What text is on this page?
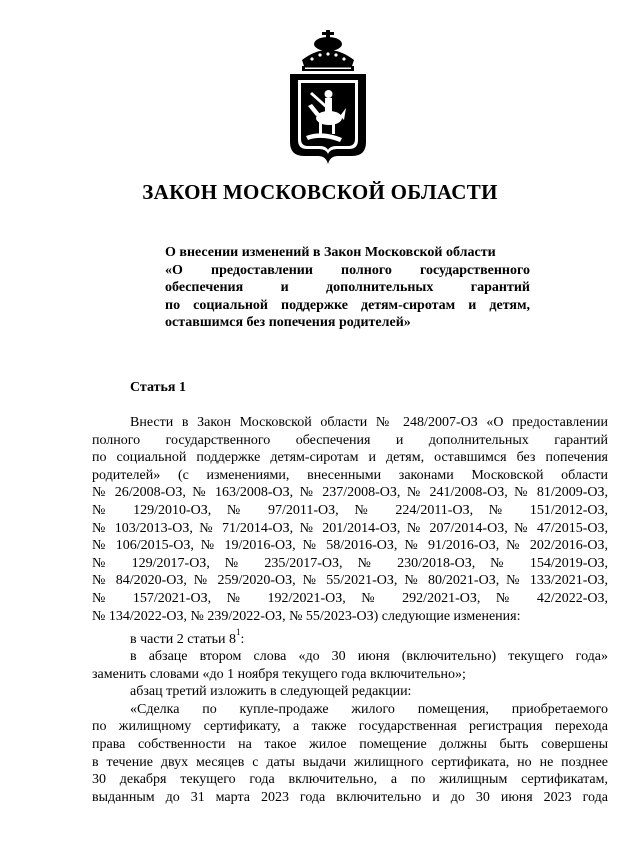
ЗАКОН МОСКОВСКОЙ ОБЛАСТИ
О внесении изменений в Закон Московской области
«О предоставлении полного государственного
обеспечения и дополнительных гарантий
по социальной поддержке детям-сиротам и детям,
оставшимся без попечения родителей»
Статья 1
Внести в Закон Московской области № 248/2007-ОЗ «О предоставлении
полного государственного обеспечения и дополнительных гарантий
по социальной поддержке детям-сиротам и детям, оставшимся без попечения
родителей» (с изменениями, внесенными законами Московской области
№ 26/2008-ОЗ, № 163/2008-ОЗ, № 237/2008-ОЗ, № 241/2008-ОЗ, № 81/2009-ОЗ,
№ 129/2010-ОЗ, № 97/2011-ОЗ, № 224/2011-ОЗ, № 151/2012-ОЗ,
№ 103/2013-ОЗ, № 71/2014-ОЗ, № 201/2014-ОЗ, № 207/2014-ОЗ, № 47/2015-ОЗ,
№ 106/2015-ОЗ, № 19/2016-ОЗ, № 58/2016-ОЗ, № 91/2016-ОЗ, № 202/2016-ОЗ,
№ 129/2017-ОЗ, № 235/2017-ОЗ, № 230/2018-ОЗ, № 154/2019-ОЗ,
№ 84/2020-ОЗ, № 259/2020-ОЗ, № 55/2021-ОЗ, № 80/2021-ОЗ, № 133/2021-ОЗ,
№ 157/2021-ОЗ, № 192/2021-ОЗ, № 292/2021-ОЗ, № 42/2022-ОЗ,
№ 134/2022-ОЗ, № 239/2022-ОЗ, № 55/2023-ОЗ) следующие изменения:
в части 2 статьи $8^1$:
в абзаце втором слова «до 30 июня (включительно) текущего года»
заменить словами «до 1 ноября текущего года включительно»;
абзац третий изложить в следующей редакции:
«Сделка по купле-продаже жилого помещения, приобретаемого
по жилищному сертификату, а также государственная регистрация перехода
права собственности на такое жилое помещение должны быть совершены
в течение двух месяцев с даты выдачи жилищного сертификата, но не позднее
30 декабря текущего года включительно, а по жилищным сертификатам,
выданным до 31 марта 2023 года включительно и до 30 июня 2023 года
